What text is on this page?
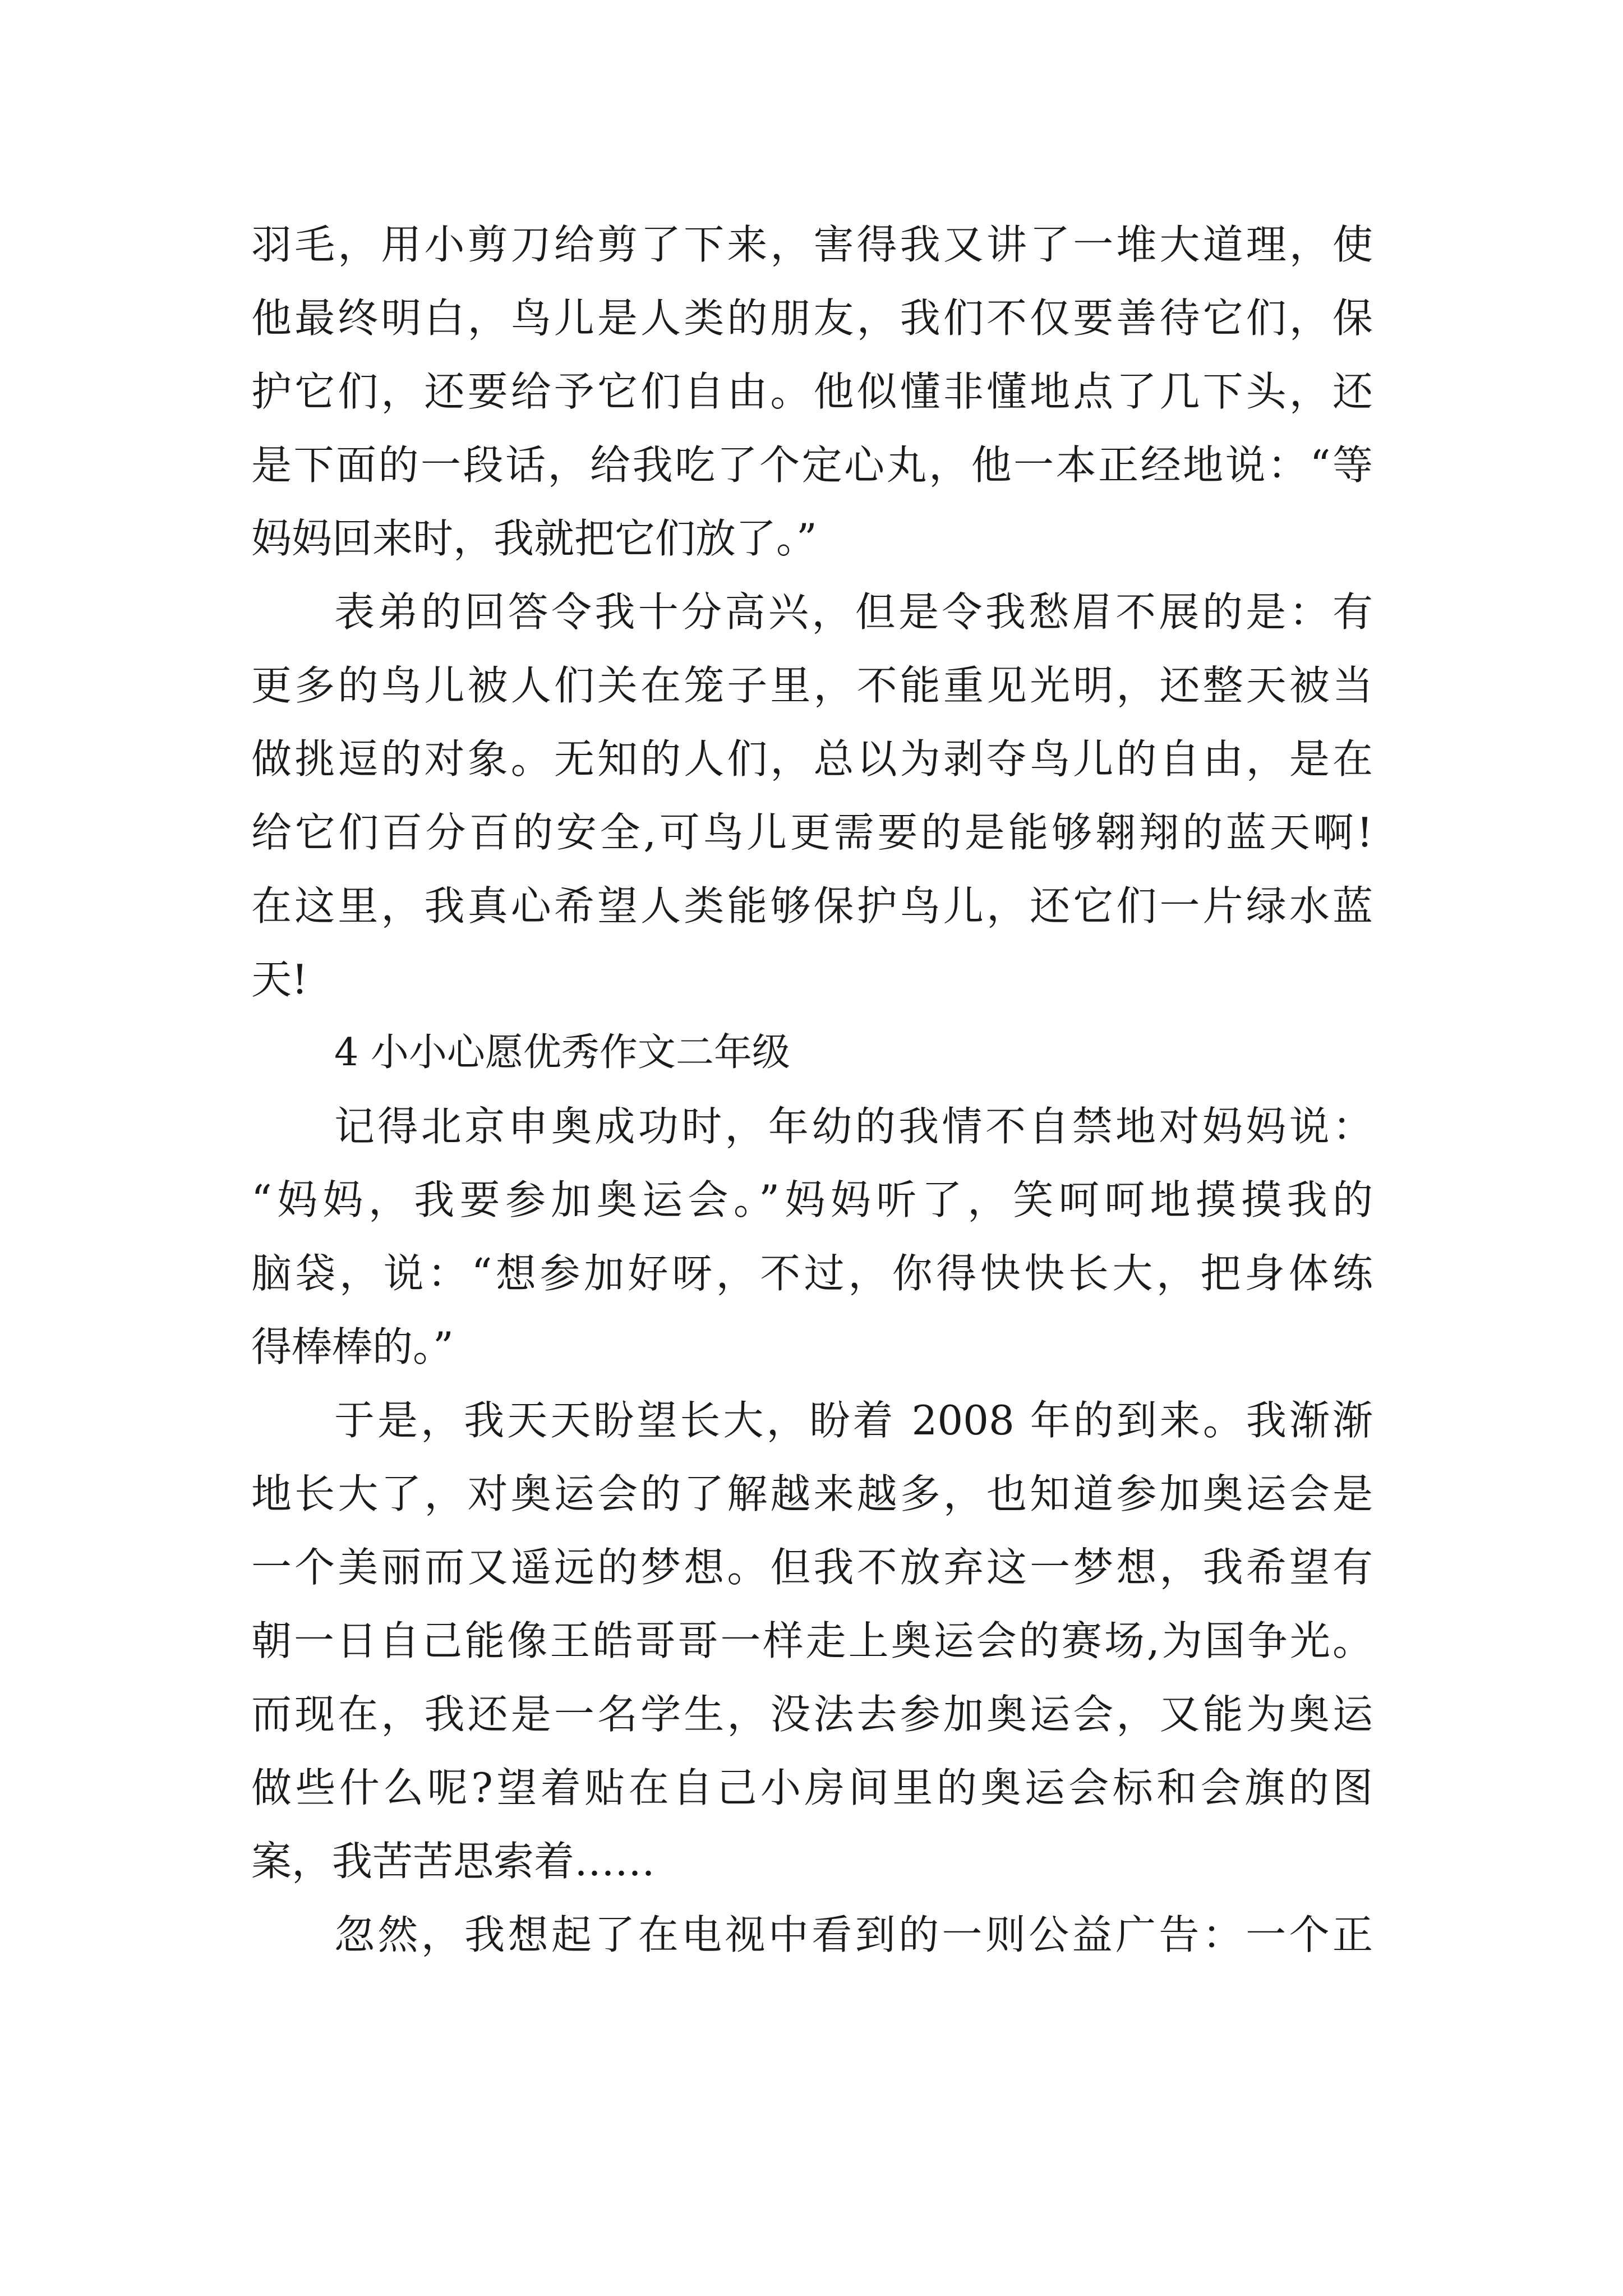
羽毛，用小剪刀给剪了下来，害得我又讲了一堆大道理，使
他最终明白，鸟儿是人类的朋友，我们不仅要善待它们，保
护它们，还要给予它们自由。他似懂非懂地点了几下头，还
是下面的一段话，给我吃了个定心丸，他一本正经地说：“等
妈妈回来时，我就把它们放了。”
表弟的回答令我十分高兴，但是令我愁眉不展的是：有
更多的鸟儿被人们关在笼子里，不能重见光明，还整天被当
做挑逗的对象。无知的人们，总以为剥夺鸟儿的自由，是在
给它们百分百的安全,可鸟儿更需要的是能够翱翔的蓝天啊!
在这里，我真心希望人类能够保护鸟儿，还它们一片绿水蓝
天!
4 小小心愿优秀作文二年级
记得北京申奥成功时，年幼的我情不自禁地对妈妈说：
“妈妈，我要参加奥运会。”妈妈听了，笑呵呵地摸摸我的
脑袋，说：“想参加好呀，不过，你得快快长大，把身体练
得棒棒的。”
于是，我天天盼望长大，盼着 2008 年的到来。我渐渐
地长大了，对奥运会的了解越来越多，也知道参加奥运会是
一个美丽而又遥远的梦想。但我不放弃这一梦想，我希望有
朝一日自己能像王皓哥哥一样走上奥运会的赛场,为国争光。
而现在，我还是一名学生，没法去参加奥运会，又能为奥运
做些什么呢?望着贴在自己小房间里的奥运会标和会旗的图
案，我苦苦思索着……
忽然，我想起了在电视中看到的一则公益广告：一个正
